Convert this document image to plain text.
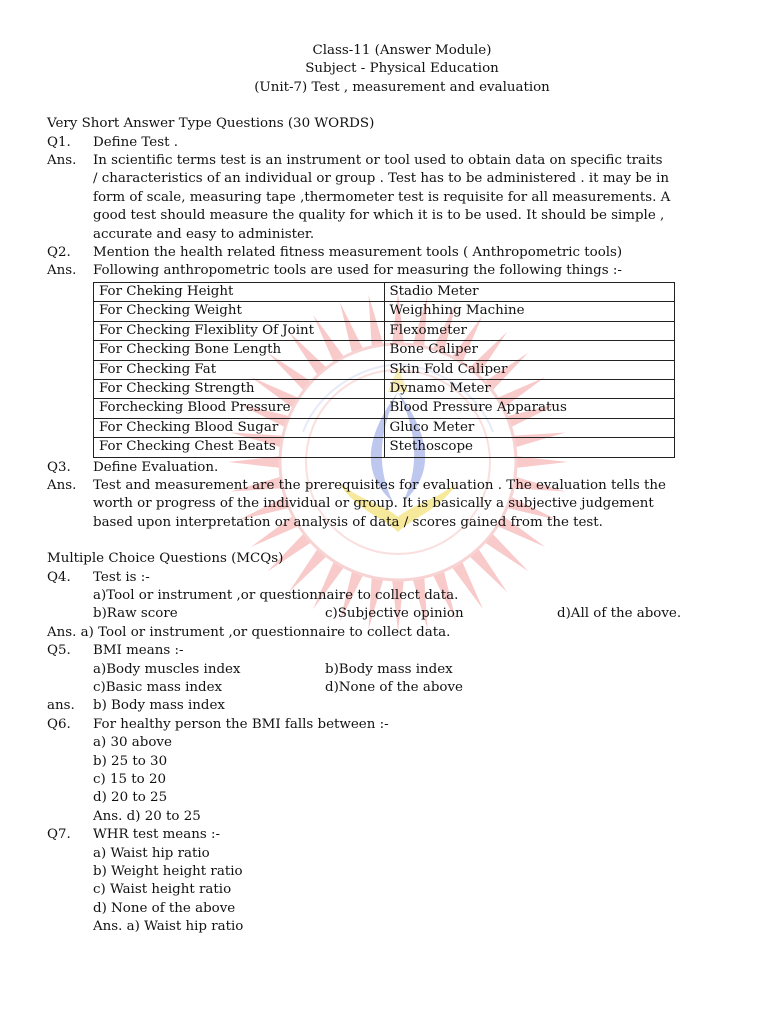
Class-11 (Answer Module)
Subject - Physical Education
(Unit-7) Test , measurement and evaluation
Very Short Answer Type Questions (30 WORDS)
Q1.	Define Test .
Ans.	In scientific terms test is an instrument or tool used to obtain data on specific traits
/ characteristics of an individual or group . Test has to be administered . it may be in
form of scale, measuring tape ,thermometer test is requisite for all measurements. A
good test should measure the quality for which it is to be used. It should be simple ,
accurate and easy to administer.
Q2.	Mention the health related fitness measurement tools ( Anthropometric tools)
Ans.	Following anthropometric tools are used for measuring the following things :-
For Cheking Height	Stadio Meter
For Checking Weight	Weighhing Machine
For Checking Flexiblity Of Joint	Flexometer
For Checking Bone Length	Bone Caliper
For Checking Fat	Skin Fold Caliper
For Checking Strength	Dynamo Meter
Forchecking Blood Pressure	Blood Pressure Apparatus
For Checking Blood Sugar	Gluco Meter
For Checking Chest Beats	Stethoscope
Q3.	Define Evaluation.
Ans.	Test and measurement are the prerequisites for evaluation . The evaluation tells the
worth or progress of the individual or group. It is basically a subjective judgement
based upon interpretation or analysis of data / scores gained from the test.
Multiple Choice Questions (MCQs)
Q4.	Test is :-
a)Tool or instrument ,or questionnaire to collect data.
b)Raw score	c)Subjective opinion	d)All of the above.
Ans. a) Tool or instrument ,or questionnaire to collect data.
Q5.	BMI means :-
a)Body muscles index	b)Body mass index
c)Basic mass index	d)None of the above
ans.	b) Body mass index
Q6.	For healthy person the BMI falls between :-
a) 30 above
b) 25 to 30
c) 15 to 20
d) 20 to 25
Ans. d) 20 to 25
Q7.	WHR test means :-
a) Waist hip ratio
b) Weight height ratio
c) Waist height ratio
d) None of the above
Ans. a) Waist hip ratio
